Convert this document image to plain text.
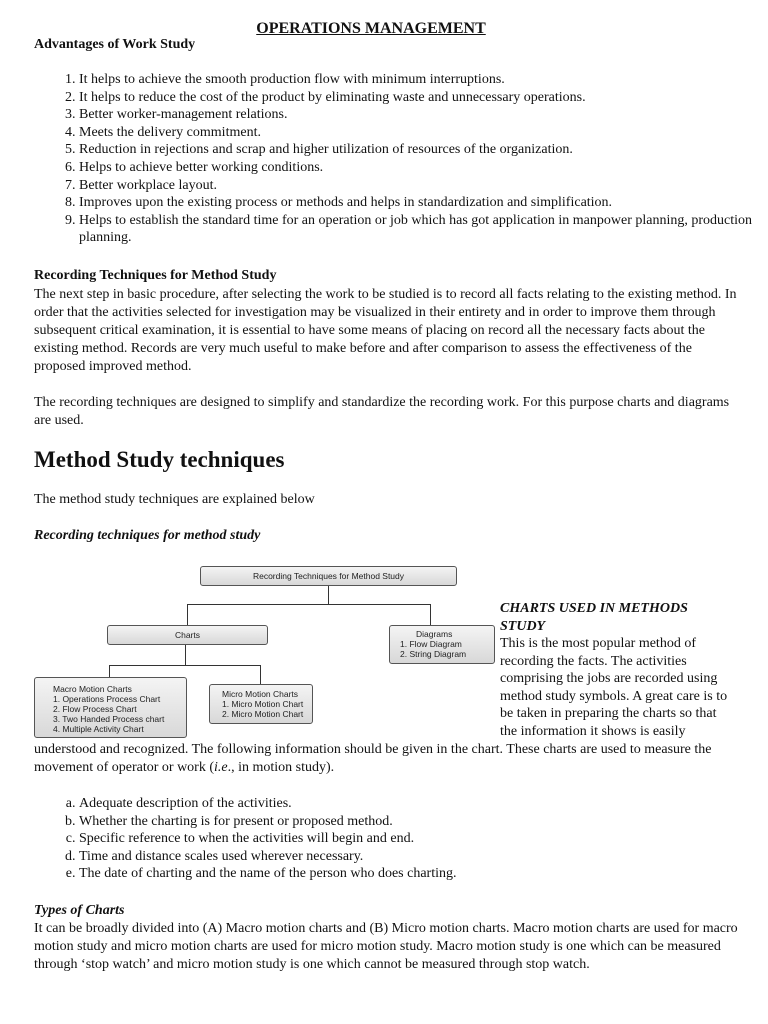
OPERATIONS MANAGEMENT
Advantages of Work Study
1. It helps to achieve the smooth production flow with minimum interruptions.
2. It helps to reduce the cost of the product by eliminating waste and unnecessary operations.
3. Better worker-management relations.
4. Meets the delivery commitment.
5. Reduction in rejections and scrap and higher utilization of resources of the organization.
6. Helps to achieve better working conditions.
7. Better workplace layout.
8. Improves upon the existing process or methods and helps in standardization and simplification.
9. Helps to establish the standard time for an operation or job which has got application in manpower planning, production planning.
Recording Techniques for Method Study
The next step in basic procedure, after selecting the work to be studied is to record all facts relating to the existing method. In order that the activities selected for investigation may be visualized in their entirety and in order to improve them through subsequent critical examination, it is essential to have some means of placing on record all the necessary facts about the existing method. Records are very much useful to make before and after comparison to assess the effectiveness of the proposed improved method.
The recording techniques are designed to simplify and standardize the recording work. For this purpose charts and diagrams are used.
Method Study techniques
The method study techniques are explained below
Recording techniques for method study
Recording Techniques for Method Study
Charts	Diagrams
1. Flow Diagram
2. String Diagram
Macro Motion Charts
1. Operations Process Chart
2. Flow Process Chart
3. Two Handed Process chart
4. Multiple Activity Chart
Micro Motion Charts
1. Micro Motion Chart
2. Micro Motion Chart
CHARTS USED IN METHODS STUDY
This is the most popular method of recording the facts. The activities comprising the jobs are recorded using method study symbols. A great care is to be taken in preparing the charts so that the information it shows is easily
understood and recognized. The following information should be given in the chart. These charts are used to measure the movement of operator or work (i.e., in motion study).
a. Adequate description of the activities.
b. Whether the charting is for present or proposed method.
c. Specific reference to when the activities will begin and end.
d. Time and distance scales used wherever necessary.
e. The date of charting and the name of the person who does charting.
Types of Charts
It can be broadly divided into (A) Macro motion charts and (B) Micro motion charts. Macro motion charts are used for macro motion study and micro motion charts are used for micro motion study. Macro motion study is one which can be measured through ‘stop watch’ and micro motion study is one which cannot be measured through stop watch.
